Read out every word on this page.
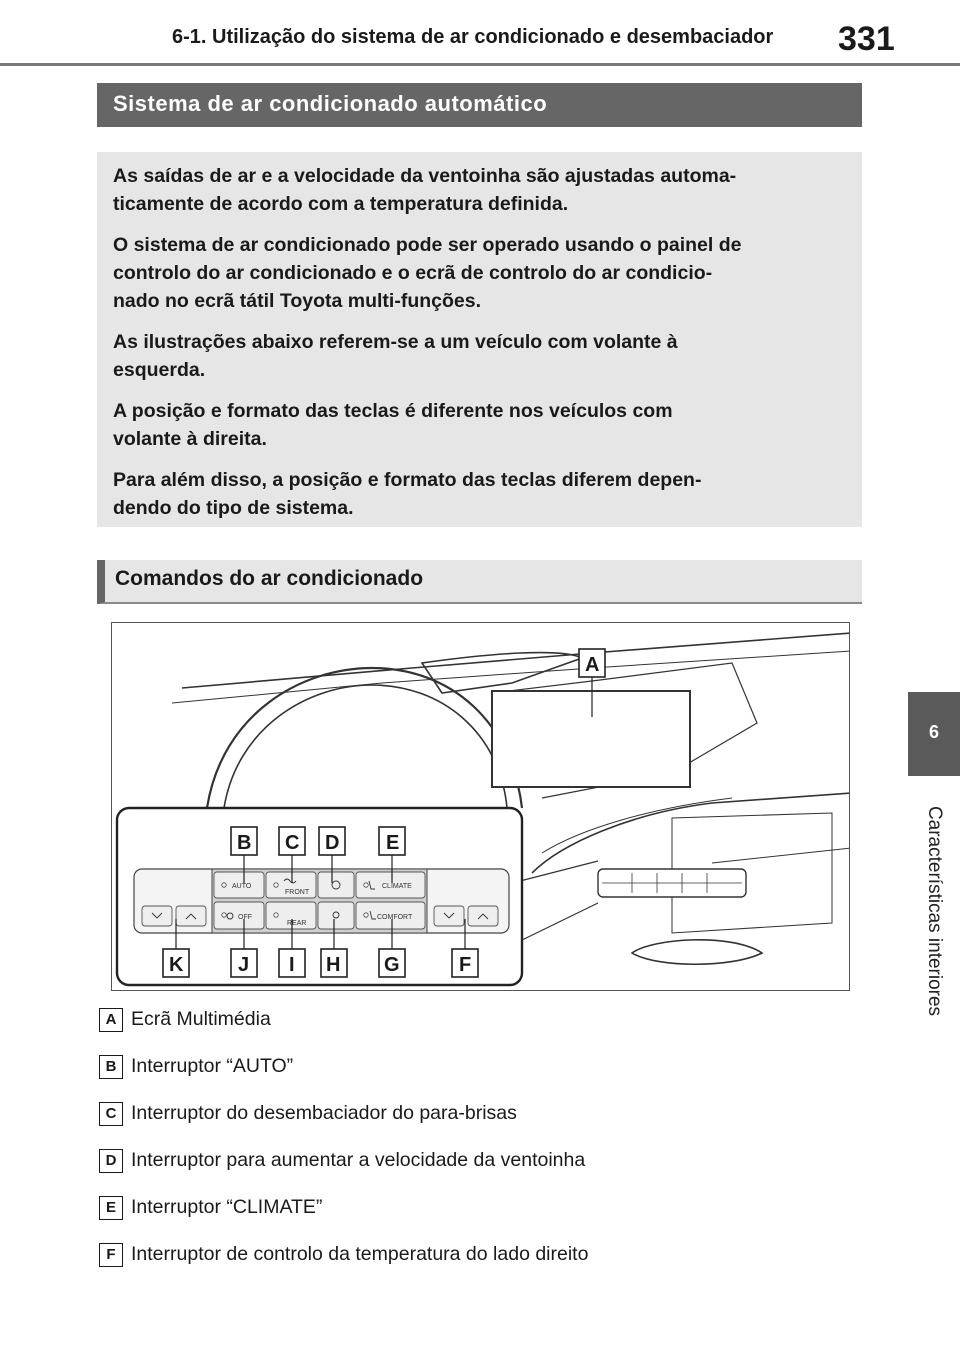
6-1. Utilização do sistema de ar condicionado e desembaciador 331
6
Características interiores
Sistema de ar condicionado automático

As saídas de ar e a velocidade da ventoinha são ajustadas automa-
ticamente de acordo com a temperatura definida.

O sistema de ar condicionado pode ser operado usando o painel de
controlo do ar condicionado e o ecrã de controlo do ar condicio-
nado no ecrã tátil Toyota multi-funções.

As ilustrações abaixo referem-se a um veículo com volante à
esquerda.

A posição e formato das teclas é diferente nos veículos com
volante à direita.

Para além disso, a posição e formato das teclas diferem depen-
dendo do tipo de sistema.

Comandos do ar condicionado
AUTO
FRONT
CLIMATE
OFF
REAR
COMFORT
A
B C D E
F
G
H
I
J
K
A Ecrã Multimédia
B Interruptor “AUTO”
C Interruptor do desembaciador do para-brisas
D Interruptor para aumentar a velocidade da ventoinha
E Interruptor “CLIMATE”
F Interruptor de controlo da temperatura do lado direito
